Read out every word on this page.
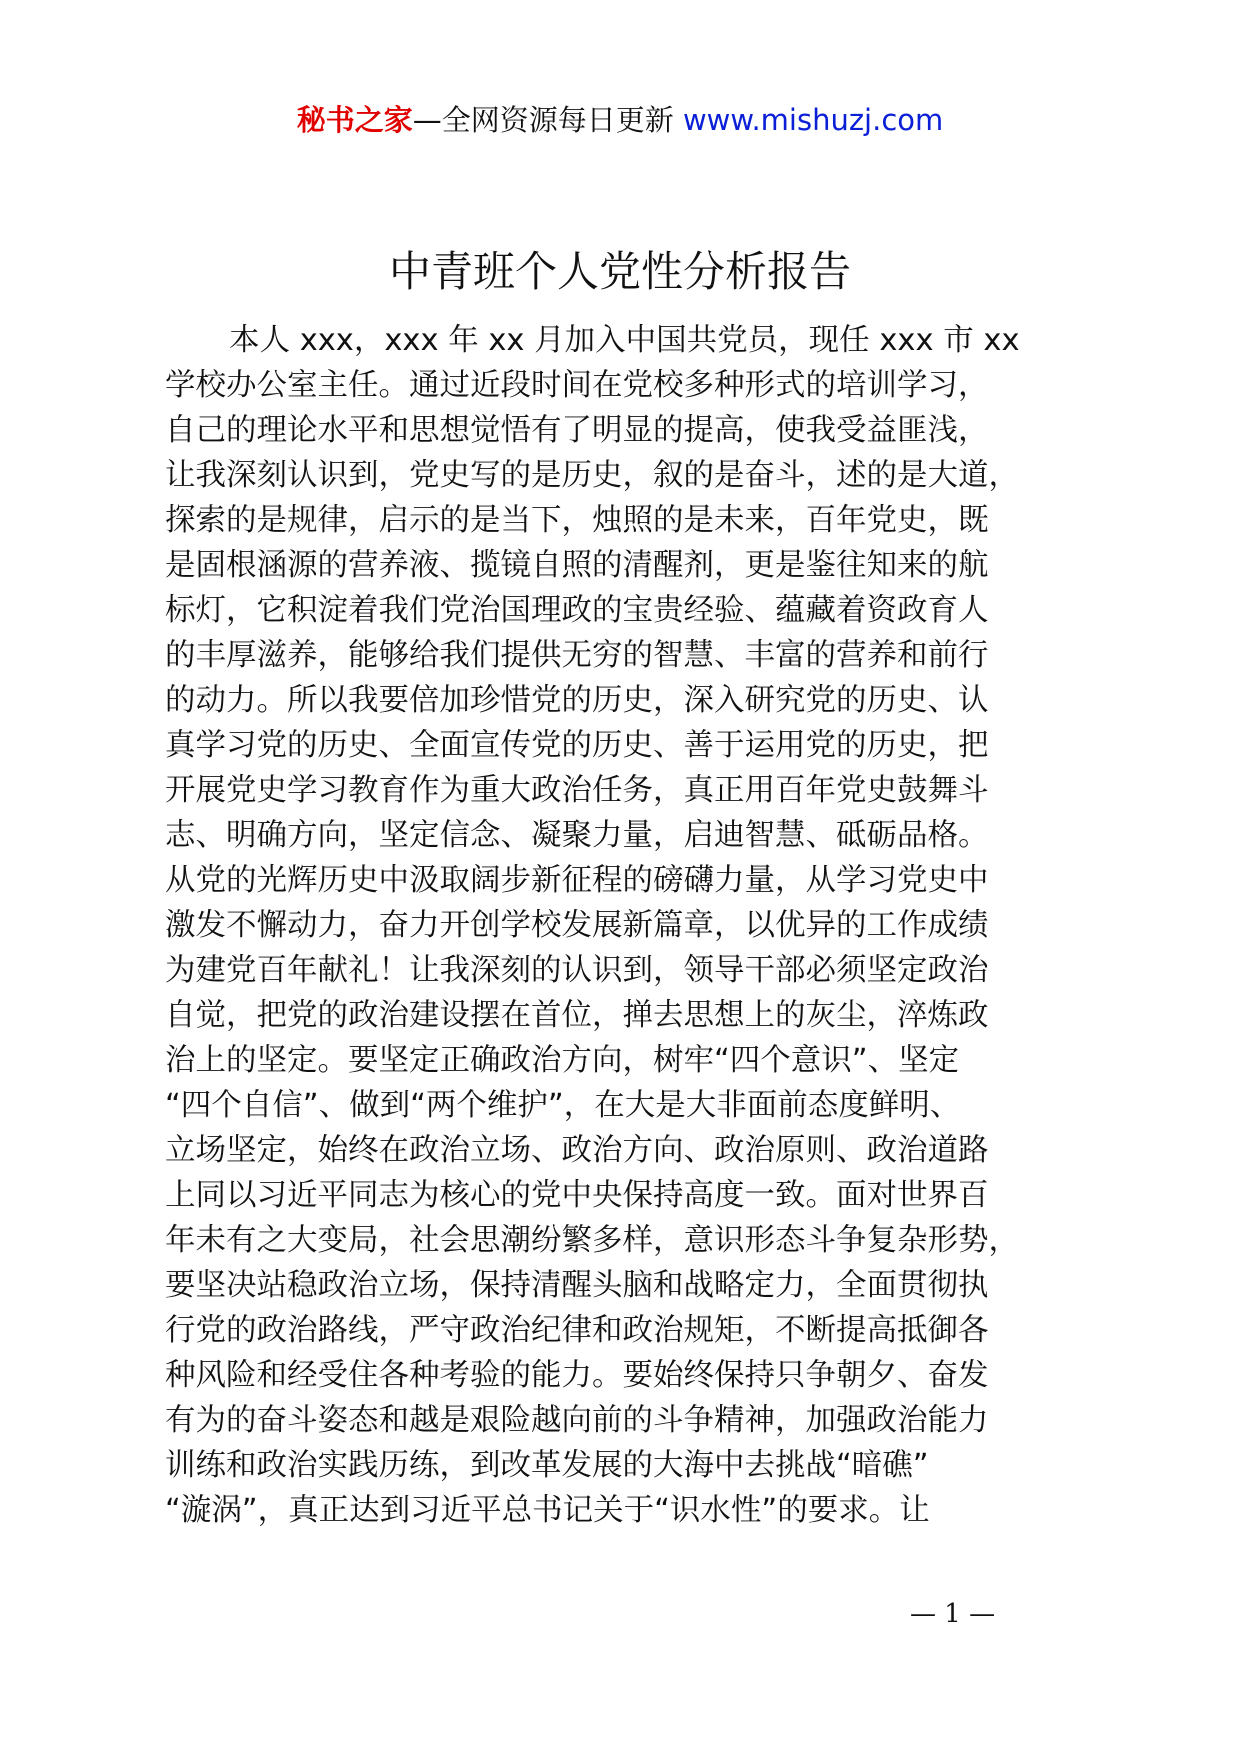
秘书之家—全网资源每日更新 www.mishuzj.com
中青班个人党性分析报告
本人 xxx，xxx 年 xx 月加入中国共党员，现任 xxx 市 xx
学校办公室主任。通过近段时间在党校多种形式的培训学习，
自己的理论水平和思想觉悟有了明显的提高，使我受益匪浅，
让我深刻认识到，党史写的是历史，叙的是奋斗，述的是大道，
探索的是规律，启示的是当下，烛照的是未来，百年党史，既
是固根涵源的营养液、揽镜自照的清醒剂，更是鉴往知来的航
标灯，它积淀着我们党治国理政的宝贵经验、蕴藏着资政育人
的丰厚滋养，能够给我们提供无穷的智慧、丰富的营养和前行
的动力。所以我要倍加珍惜党的历史，深入研究党的历史、认
真学习党的历史、全面宣传党的历史、善于运用党的历史，把
开展党史学习教育作为重大政治任务，真正用百年党史鼓舞斗
志、明确方向，坚定信念、凝聚力量，启迪智慧、砥砺品格。
从党的光辉历史中汲取阔步新征程的磅礴力量，从学习党史中
激发不懈动力，奋力开创学校发展新篇章，以优异的工作成绩
为建党百年献礼！让我深刻的认识到，领导干部必须坚定政治
自觉，把党的政治建设摆在首位，掸去思想上的灰尘，淬炼政
治上的坚定。要坚定正确政治方向，树牢“四个意识”、坚定
“四个自信”、做到“两个维护”，在大是大非面前态度鲜明、
立场坚定，始终在政治立场、政治方向、政治原则、政治道路
上同以习近平同志为核心的党中央保持高度一致。面对世界百
年未有之大变局，社会思潮纷繁多样，意识形态斗争复杂形势，
要坚决站稳政治立场，保持清醒头脑和战略定力，全面贯彻执
行党的政治路线，严守政治纪律和政治规矩，不断提高抵御各
种风险和经受住各种考验的能力。要始终保持只争朝夕、奋发
有为的奋斗姿态和越是艰险越向前的斗争精神，加强政治能力
训练和政治实践历练，到改革发展的大海中去挑战“暗礁”
“漩涡”，真正达到习近平总书记关于“识水性”的要求。让
— 1 —
